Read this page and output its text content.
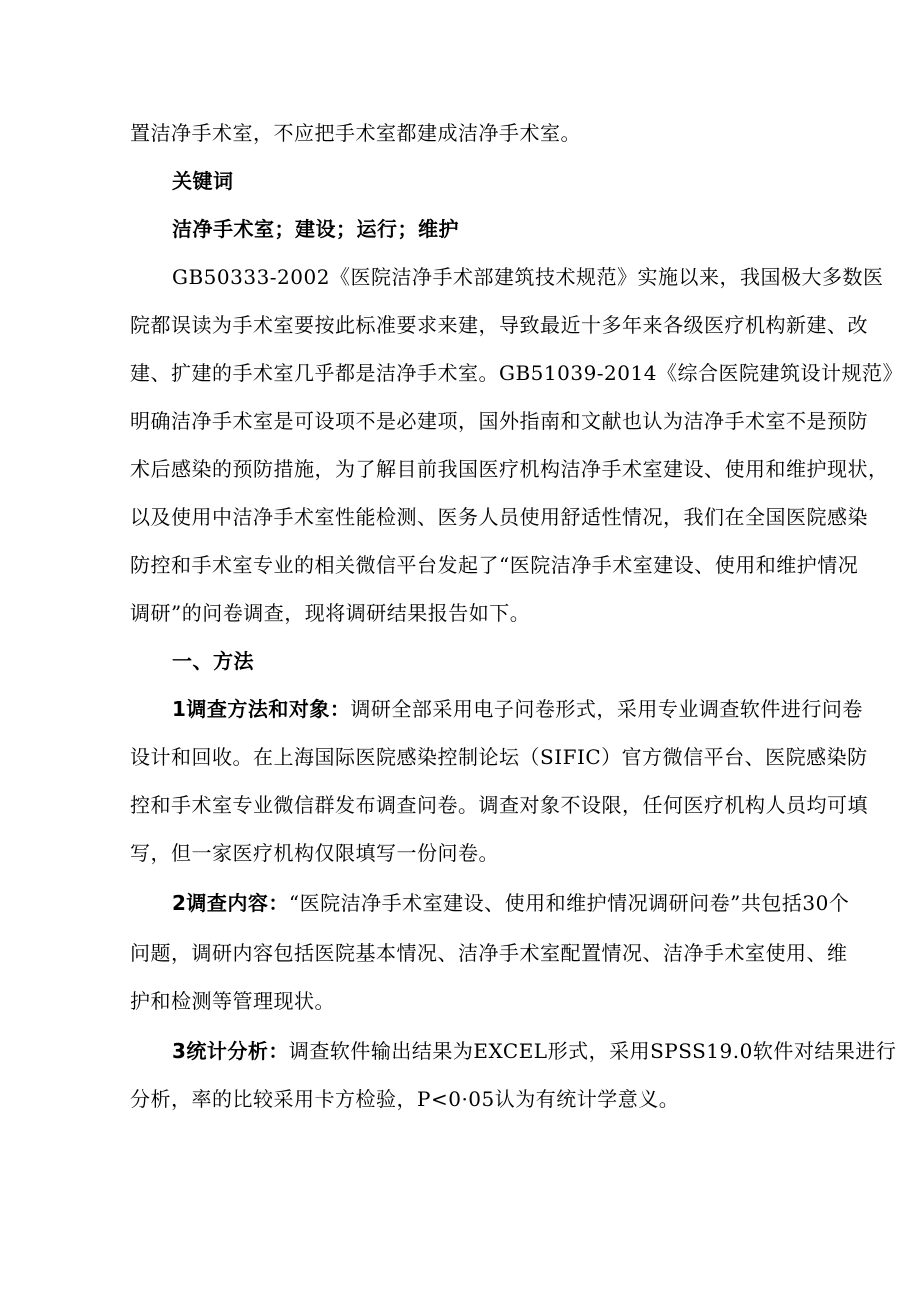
置洁净手术室，不应把手术室都建成洁净手术室。
关键词
洁净手术室；建设；运行；维护
GB50333-2002《医院洁净手术部建筑技术规范》实施以来，我国极大多数医
院都误读为手术室要按此标准要求来建，导致最近十多年来各级医疗机构新建、改
建、扩建的手术室几乎都是洁净手术室。GB51039-2014《综合医院建筑设计规范》
明确洁净手术室是可设项不是必建项，国外指南和文献也认为洁净手术室不是预防
术后感染的预防措施，为了解目前我国医疗机构洁净手术室建设、使用和维护现状，
以及使用中洁净手术室性能检测、医务人员使用舒适性情况，我们在全国医院感染
防控和手术室专业的相关微信平台发起了“医院洁净手术室建设、使用和维护情况
调研”的问卷调查，现将调研结果报告如下。
一、方法
1调查方法和对象：调研全部采用电子问卷形式，采用专业调查软件进行问卷
设计和回收。在上海国际医院感染控制论坛（SIFIC）官方微信平台、医院感染防
控和手术室专业微信群发布调查问卷。调查对象不设限，任何医疗机构人员均可填
写，但一家医疗机构仅限填写一份问卷。
2调查内容：“医院洁净手术室建设、使用和维护情况调研问卷”共包括30个
问题，调研内容包括医院基本情况、洁净手术室配置情况、洁净手术室使用、维
护和检测等管理现状。
3统计分析：调查软件输出结果为EXCEL形式，采用SPSS19.0软件对结果进行
分析，率的比较采用卡方检验，P<0·05认为有统计学意义。
